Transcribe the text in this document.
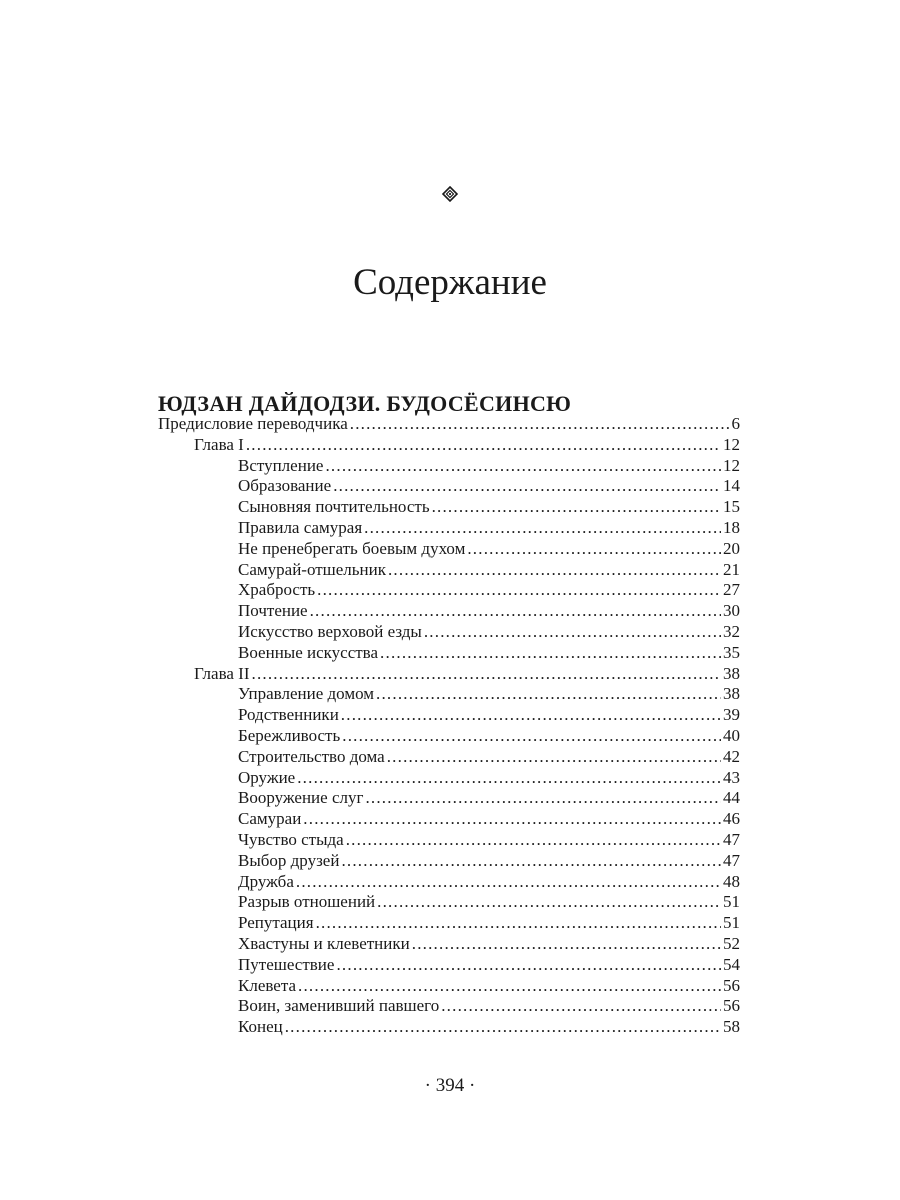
Содержание
ЮДЗАН ДАЙДОДЗИ. БУДОСЁСИНСЮ
Предисловие переводчика .....	6
Глава I .....	12
Вступление .....	12
Образование .....	14
Сыновняя почтительность .....	15
Правила самурая .....	18
Не пренебрегать боевым духом .....	20
Самурай-отшельник .....	21
Храбрость .....	27
Почтение .....	30
Искусство верховой езды .....	32
Военные искусства .....	35
Глава II .....	38
Управление домом .....	38
Родственники .....	39
Бережливость .....	40
Строительство дома .....	42
Оружие .....	43
Вооружение слуг .....	44
Самураи .....	46
Чувство стыда .....	47
Выбор друзей .....	47
Дружба .....	48
Разрыв отношений .....	51
Репутация .....	51
Хвастуны и клеветники .....	52
Путешествие .....	54
Клевета .....	56
Воин, заменивший павшего .....	56
Конец .....	58
· 394 ·
